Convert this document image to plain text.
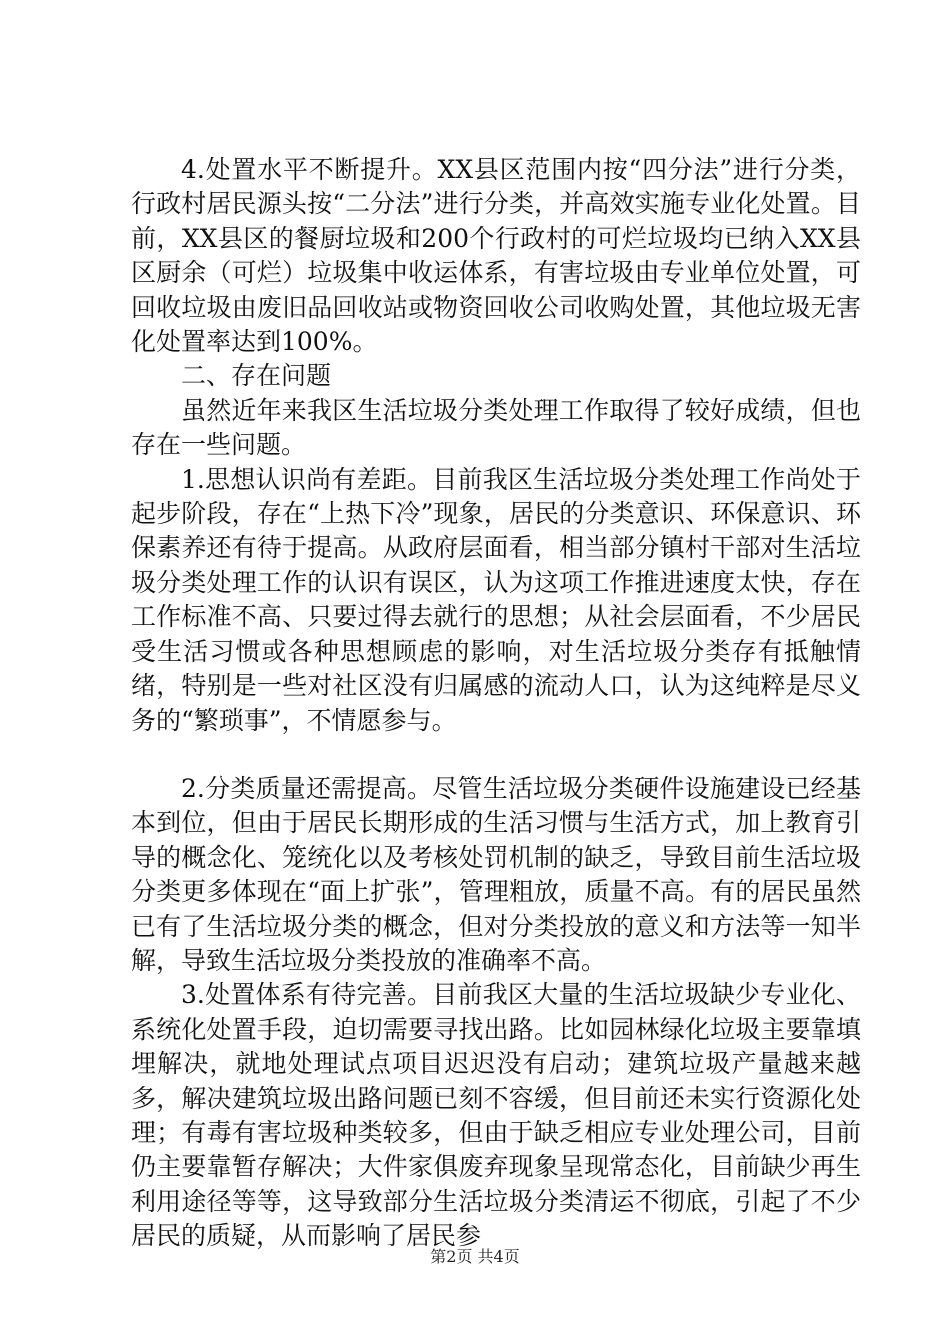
4.处置水平不断提升。XX县区范围内按“四分法”进行分类，行政村居民源头按“二分法”进行分类，并高效实施专业化处置。目前，XX县区的餐厨垃圾和200个行政村的可烂垃圾均已纳入XX县区厨余（可烂）垃圾集中收运体系，有害垃圾由专业单位处置，可回收垃圾由废旧品回收站或物资回收公司收购处置，其他垃圾无害化处置率达到100%。

二、存在问题

虽然近年来我区生活垃圾分类处理工作取得了较好成绩，但也存在一些问题。

1.思想认识尚有差距。目前我区生活垃圾分类处理工作尚处于起步阶段，存在“上热下冷”现象，居民的分类意识、环保意识、环保素养还有待于提高。从政府层面看，相当部分镇村干部对生活垃圾分类处理工作的认识有误区，认为这项工作推进速度太快，存在工作标准不高、只要过得去就行的思想；从社会层面看，不少居民受生活习惯或各种思想顾虑的影响，对生活垃圾分类存有抵触情绪，特别是一些对社区没有归属感的流动人口，认为这纯粹是尽义务的“繁琐事”，不情愿参与。

2.分类质量还需提高。尽管生活垃圾分类硬件设施建设已经基本到位，但由于居民长期形成的生活习惯与生活方式，加上教育引导的概念化、笼统化以及考核处罚机制的缺乏，导致目前生活垃圾分类更多体现在“面上扩张”，管理粗放，质量不高。有的居民虽然已有了生活垃圾分类的概念，但对分类投放的意义和方法等一知半解，导致生活垃圾分类投放的准确率不高。

3.处置体系有待完善。目前我区大量的生活垃圾缺少专业化、系统化处置手段，迫切需要寻找出路。比如园林绿化垃圾主要靠填埋解决，就地处理试点项目迟迟没有启动；建筑垃圾产量越来越多，解决建筑垃圾出路问题已刻不容缓，但目前还未实行资源化处理；有毒有害垃圾种类较多，但由于缺乏相应专业处理公司，目前仍主要靠暂存解决；大件家俱废弃现象呈现常态化，目前缺少再生利用途径等等，这导致部分生活垃圾分类清运不彻底，引起了不少居民的质疑，从而影响了居民参

第2页 共4页
